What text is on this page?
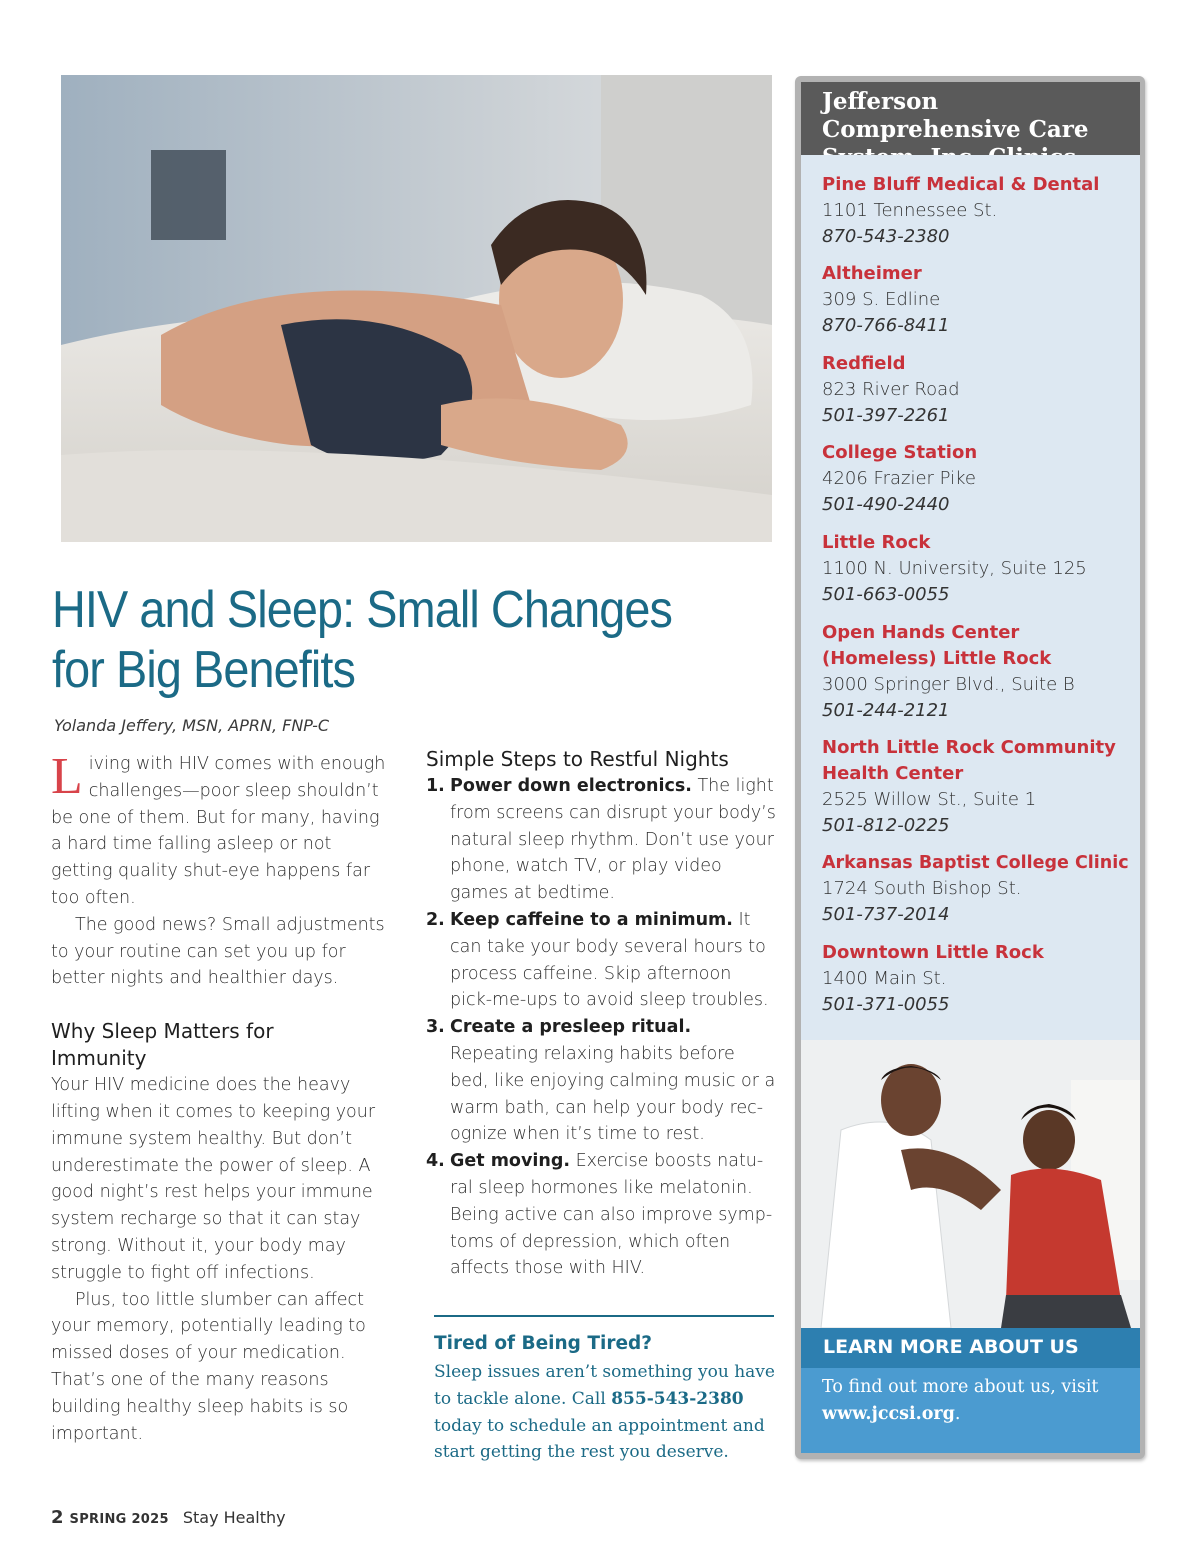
HIV and Sleep: Small Changes
for Big Benefits
Yolanda Jeffery, MSN, APRN, FNP-C

Living with HIV comes with enough challenges—poor sleep shouldn’t be one of them. But for many, having a hard time falling asleep or not getting quality shut-eye happens far too often.

The good news? Small adjustments to your routine can set you up for better nights and healthier days.

Why Sleep Matters for Immunity

Your HIV medicine does the heavy lifting when it comes to keeping your immune system healthy. But don’t underestimate the power of sleep. A good night’s rest helps your immune system recharge so that it can stay strong. Without it, your body may struggle to fight off infections.

Plus, too little slumber can affect your memory, potentially leading to missed doses of your medication. That’s one of the many reasons building healthy sleep habits is so important.

Simple Steps to Restful Nights
1. Power down electronics. The light from screens can disrupt your body’s natural sleep rhythm. Don’t use your phone, watch TV, or play video games at bedtime.
2. Keep caffeine to a minimum. It can take your body several hours to process caffeine. Skip afternoon pick-me-ups to avoid sleep troubles.
3. Create a presleep ritual. Repeating relaxing habits before bed, like enjoying calming music or a warm bath, can help your body recognize when it’s time to rest.
4. Get moving. Exercise boosts natural sleep hormones like melatonin. Being active can also improve symptoms of depression, which often affects those with HIV.
Tired of Being Tired?
Sleep issues aren’t something you have to tackle alone. Call 855-543-2380 today to schedule an appointment and start getting the rest you deserve.
Jefferson Comprehensive Care
Pine Bluff Medical & Dental
1101 Tennessee St.
870-543-2380
Altheimer
309 S. Edline
870-766-8411
Redfield
823 River Road
501-397-2261
College Station
4206 Frazier Pike
501-490-2440
Little Rock
1100 N. University, Suite 125
501-663-0055
Open Hands Center (Homeless) Little Rock
3000 Springer Blvd., Suite B
501-244-2121
North Little Rock Community Health Center
2525 Willow St., Suite 1
501-812-0225
Arkansas Baptist College Clinic
1724 South Bishop St.
501-737-2014
Downtown Little Rock
1400 Main St.
501-371-0055
LEARN MORE ABOUT US
To find out more about us, visit www.jccsi.org.
2 SPRING 2025 Stay Healthy
